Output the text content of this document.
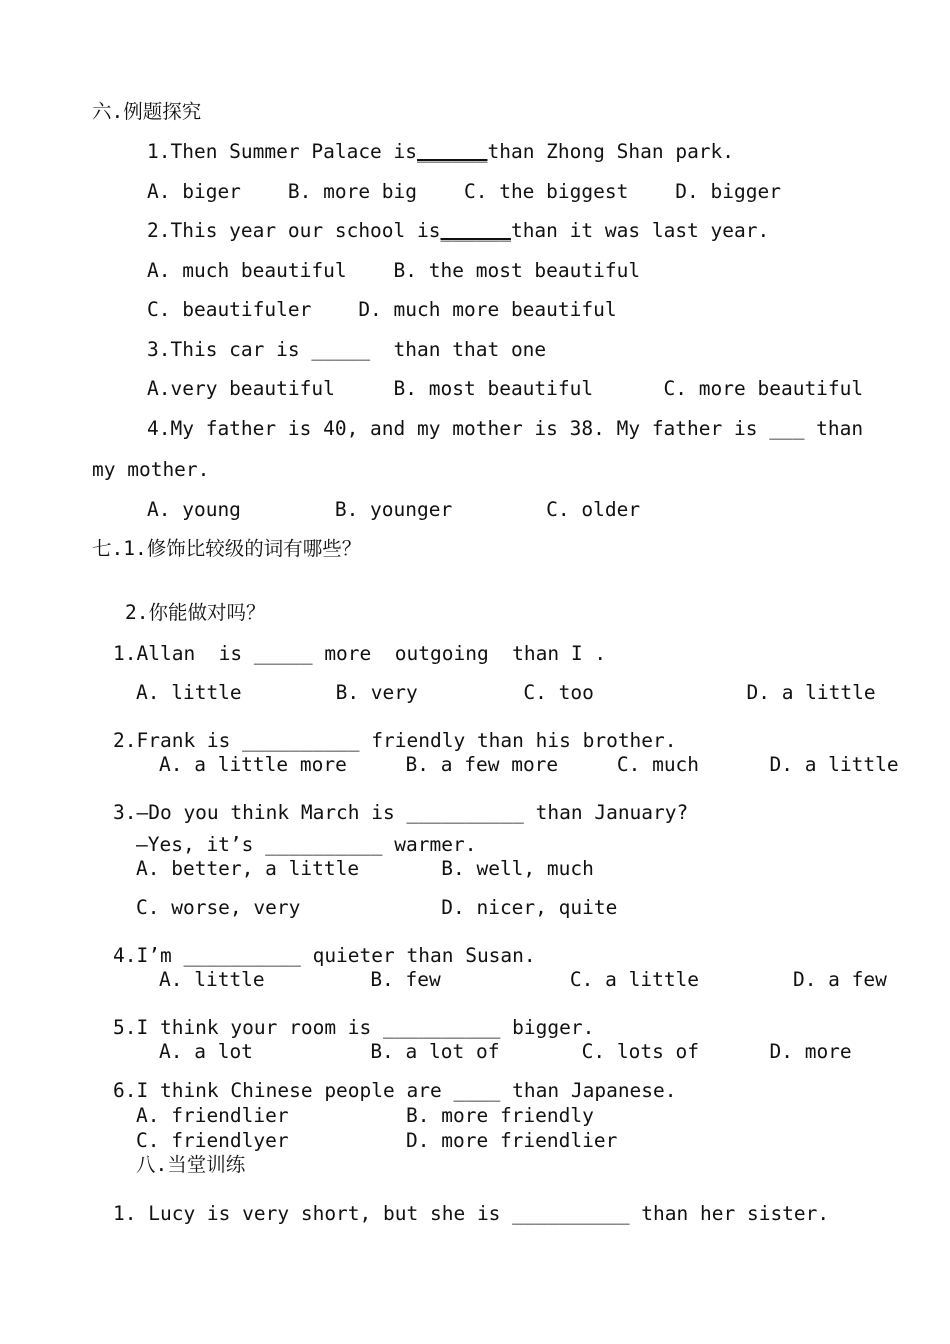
六.例题探究
1.Then Summer Palace is______than Zhong Shan park.
A. biger    B. more big    C. the biggest    D. bigger
2.This year our school is______than it was last year.
A. much beautiful    B. the most beautiful
C. beautifuler    D. much more beautiful
3.This car is _____  than that one
A.very beautiful     B. most beautiful      C. more beautiful
4.My father is 40, and my mother is 38. My father is ___ than
my mother.
A. young        B. younger        C. older
七.1.修饰比较级的词有哪些？
2.你能做对吗？
1.Allan  is _____ more  outgoing  than I .
A. little        B. very         C. too             D. a little
2.Frank is __________ friendly than his brother.
A. a little more     B. a few more     C. much      D. a little
3.—Do you think March is __________ than January?
—Yes, it’s __________ warmer.
A. better, a little       B. well, much
C. worse, very            D. nicer, quite
4.I’m __________ quieter than Susan.
A. little         B. few           C. a little        D. a few
5.I think your room is __________ bigger.
A. a lot          B. a lot of       C. lots of      D. more
6.I think Chinese people are ____ than Japanese.
A. friendlier          B. more friendly
C. friendlyer          D. more friendlier
八.当堂训练
1. Lucy is very short, but she is __________ than her sister.
